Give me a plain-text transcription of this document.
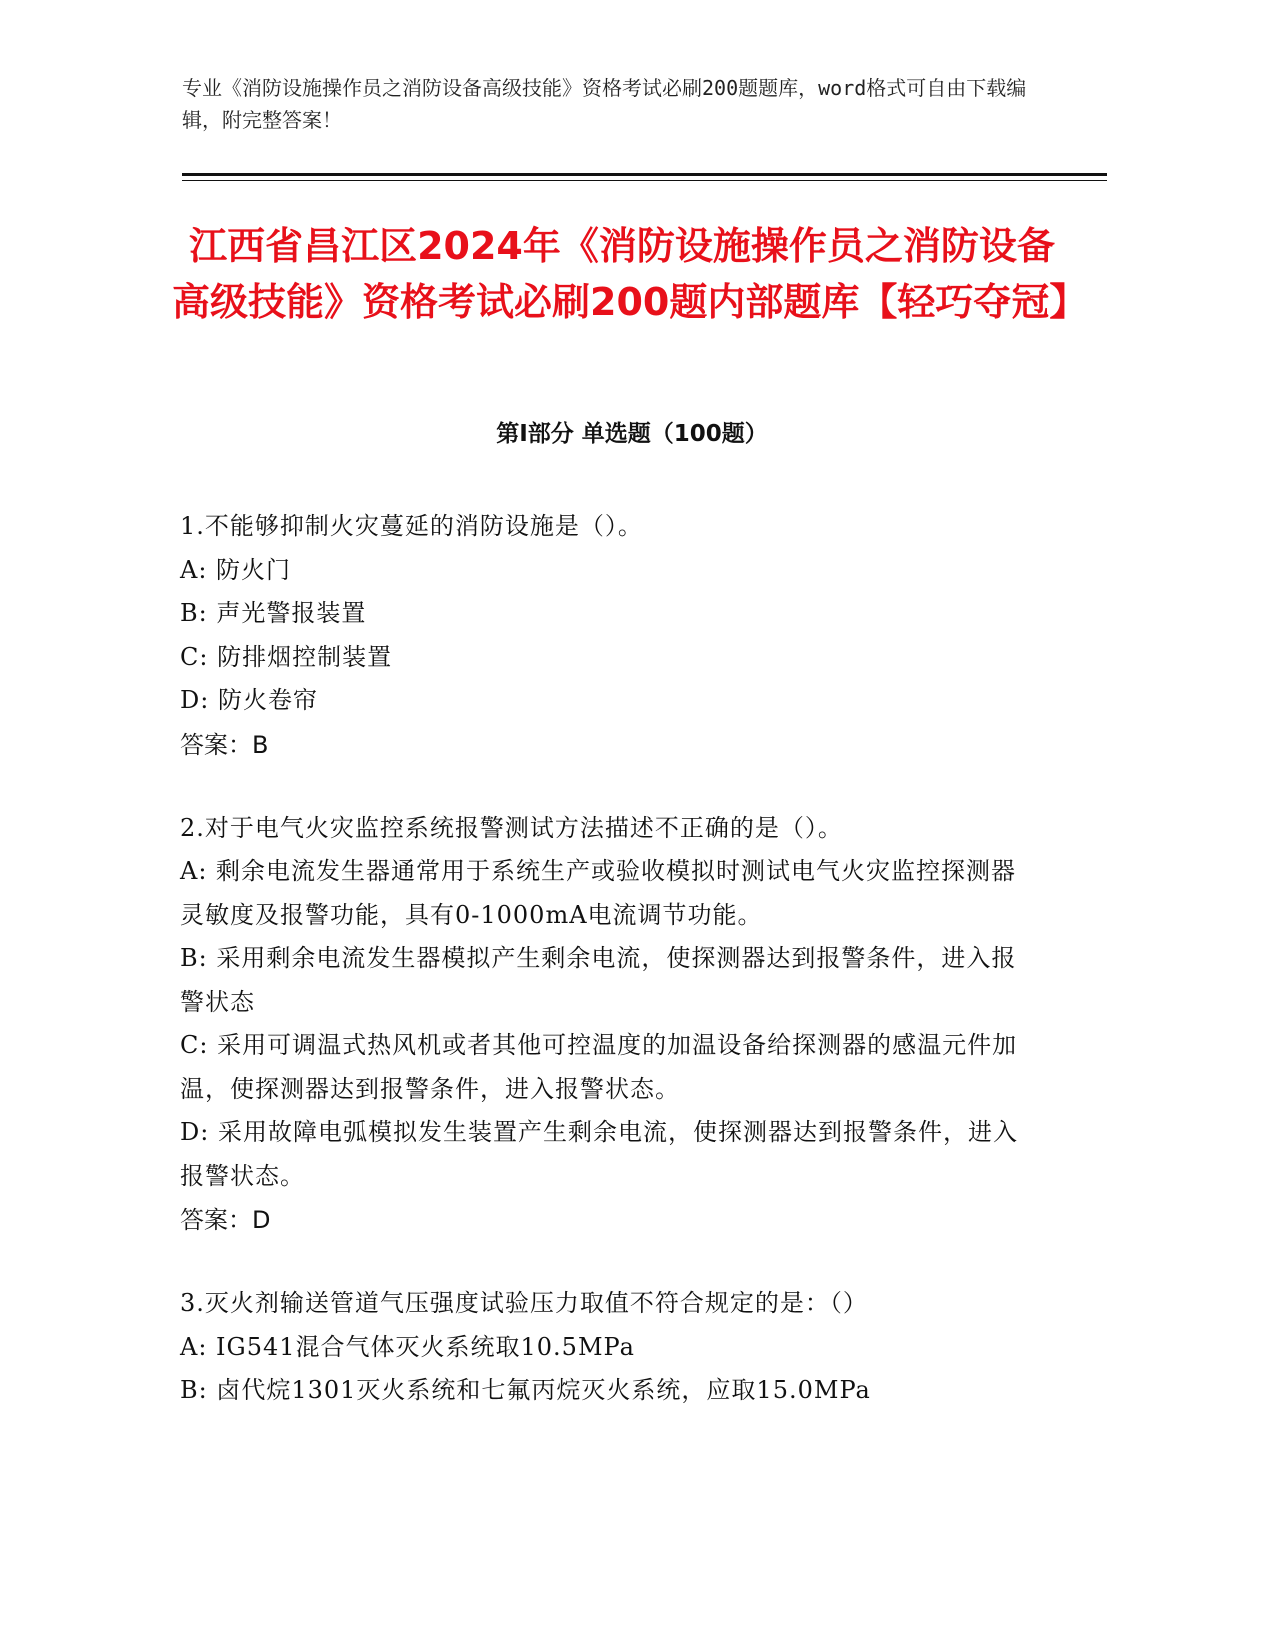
专业《消防设施操作员之消防设备高级技能》资格考试必刷200题题库，word格式可自由下载编辑，附完整答案！
江西省昌江区2024年《消防设施操作员之消防设备高级技能》资格考试必刷200题内部题库【轻巧夺冠】
第I部分 单选题（100题）
1.不能够抑制火灾蔓延的消防设施是（）。
A: 防火门
B: 声光警报装置
C: 防排烟控制装置
D: 防火卷帘
答案：B
2.对于电气火灾监控系统报警测试方法描述不正确的是（）。
A: 剩余电流发生器通常用于系统生产或验收模拟时测试电气火灾监控探测器灵敏度及报警功能，具有0-1000mA电流调节功能。
B: 采用剩余电流发生器模拟产生剩余电流，使探测器达到报警条件，进入报警状态
C: 采用可调温式热风机或者其他可控温度的加温设备给探测器的感温元件加温，使探测器达到报警条件，进入报警状态。
D: 采用故障电弧模拟发生装置产生剩余电流，使探测器达到报警条件，进入报警状态。
答案：D
3.灭火剂输送管道气压强度试验压力取值不符合规定的是：（）
A: IG541混合气体灭火系统取10.5MPa
B: 卤代烷1301灭火系统和七氟丙烷灭火系统，应取15.0MPa
